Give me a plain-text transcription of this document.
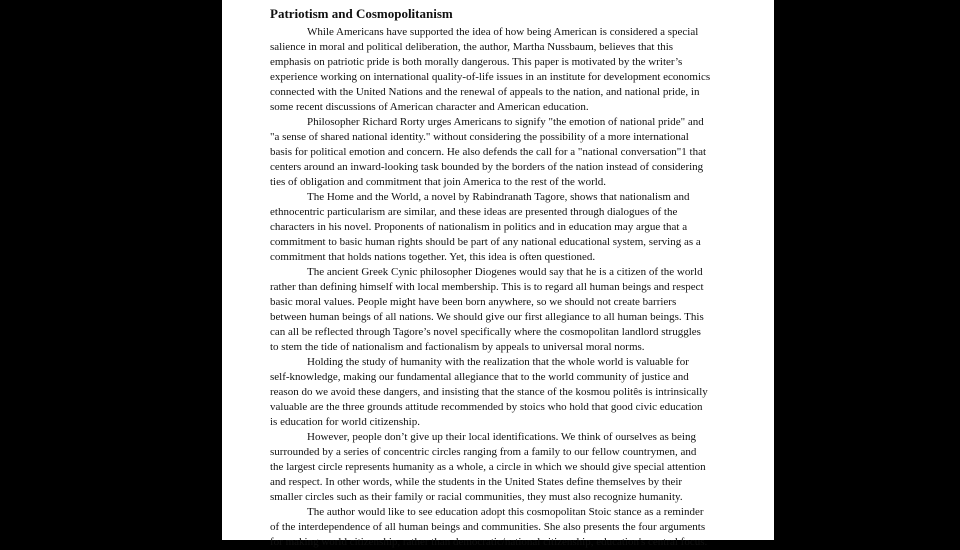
Patriotism and Cosmopolitanism

While Americans have supported the idea of how being American is considered a special
salience in moral and political deliberation, the author, Martha Nussbaum, believes that this
emphasis on patriotic pride is both morally dangerous. This paper is motivated by the writer’s
experience working on international quality-of-life issues in an institute for development economics
connected with the United Nations and the renewal of appeals to the nation, and national pride, in
some recent discussions of American character and American education.

Philosopher Richard Rorty urges Americans to signify "the emotion of national pride" and
"a sense of shared national identity." without considering the possibility of a more international
basis for political emotion and concern. He also defends the call for a "national conversation"1 that
centers around an inward-looking task bounded by the borders of the nation instead of considering
ties of obligation and commitment that join America to the rest of the world.

The Home and the World, a novel by Rabindranath Tagore, shows that nationalism and
ethnocentric particularism are similar, and these ideas are presented through dialogues of the
characters in his novel. Proponents of nationalism in politics and in education may argue that a
commitment to basic human rights should be part of any national educational system, serving as a
commitment that holds nations together. Yet, this idea is often questioned.

The ancient Greek Cynic philosopher Diogenes would say that he is a citizen of the world
rather than defining himself with local membership. This is to regard all human beings and respect
basic moral values. People might have been born anywhere, so we should not create barriers
between human beings of all nations. We should give our first allegiance to all human beings. This
can all be reflected through Tagore’s novel specifically where the cosmopolitan landlord struggles
to stem the tide of nationalism and factionalism by appeals to universal moral norms.

Holding the study of humanity with the realization that the whole world is valuable for
self-knowledge, making our fundamental allegiance that to the world community of justice and
reason do we avoid these dangers, and insisting that the stance of the kosmou politês is intrinsically
valuable are the three grounds attitude recommended by stoics who hold that good civic education
is education for world citizenship.

However, people don’t give up their local identifications. We think of ourselves as being
surrounded by a series of concentric circles ranging from a family to our fellow countrymen, and
the largest circle represents humanity as a whole, a circle in which we should give special attention
and respect. In other words, while the students in the United States define themselves by their
smaller circles such as their family or racial communities, they must also recognize humanity.

The author would like to see education adopt this cosmopolitan Stoic stance as a reminder
of the interdependence of all human beings and communities. She also presents the four arguments
for making world citizenship, rather than democratic/national citizenship, education's central focus.
